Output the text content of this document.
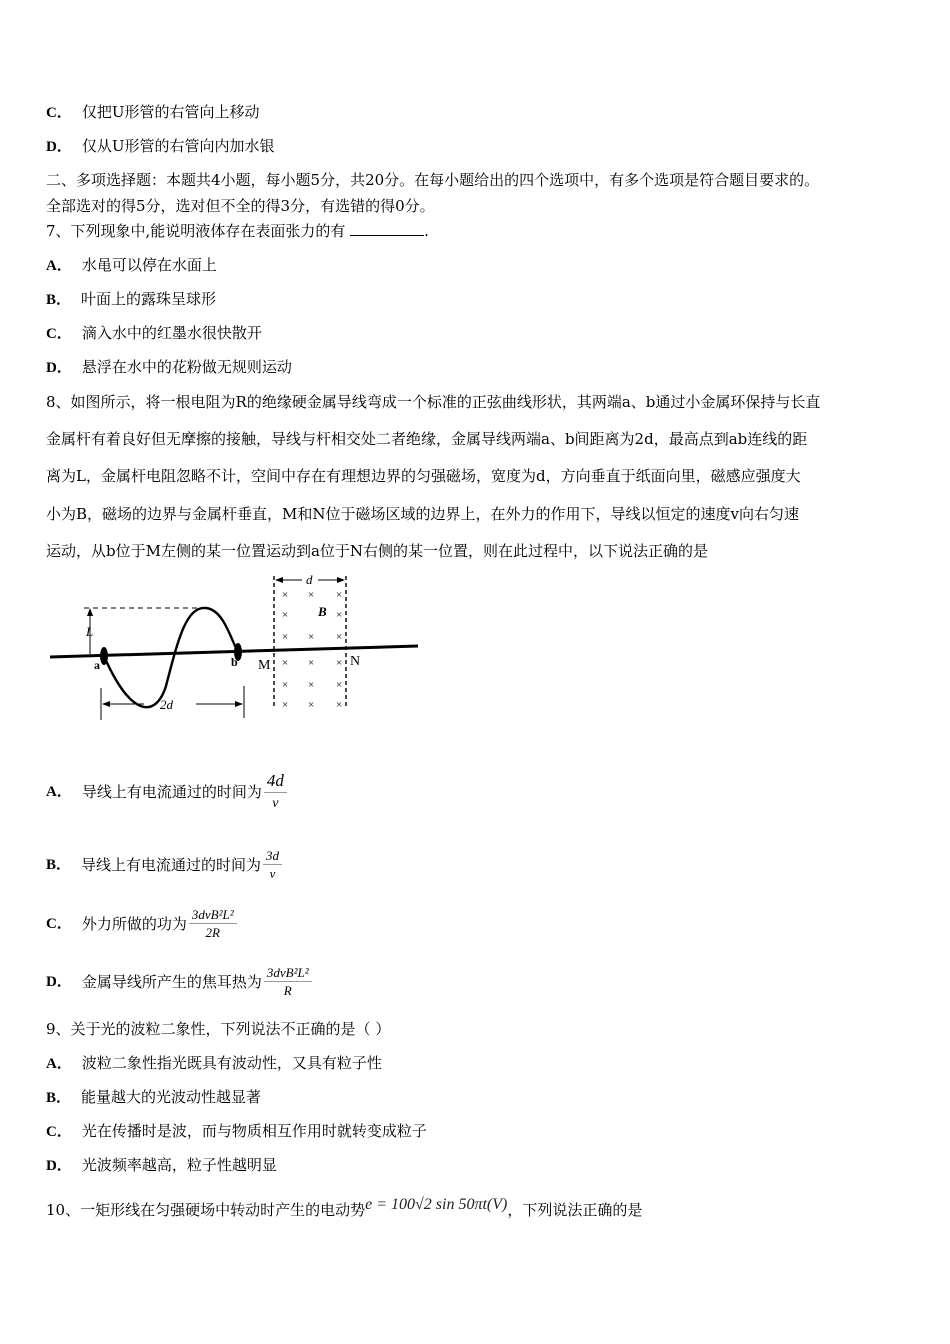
C． 仅把U形管的右管向上移动
D． 仅从U形管的右管向内加水银
二、多项选择题：本题共4小题，每小题5分，共20分。在每小题给出的四个选项中，有多个选项是符合题目要求的。
全部选对的得5分，选对但不全的得3分，有选错的得0分。
7、下列现象中,能说明液体存在表面张力的有	.
A． 水黾可以停在水面上
B． 叶面上的露珠呈球形
C． 滴入水中的红墨水很快散开
D． 悬浮在水中的花粉做无规则运动
8、如图所示，将一根电阻为R的绝缘硬金属导线弯成一个标准的正弦曲线形状，其两端a、b通过小金属环保持与长直
金属杆有着良好但无摩擦的接触，导线与杆相交处二者绝缘，金属导线两端a、b间距离为2d，最高点到ab连线的距
离为L，金属杆电阻忽略不计，空间中存在有理想边界的匀强磁场，宽度为d，方向垂直于纸面向里，磁感应强度大
小为B，磁场的边界与金属杆垂直，M和N位于磁场区域的边界上，在外力的作用下，导线以恒定的速度v向右匀速
运动，从b位于M左侧的某一位置运动到a位于N右侧的某一位置，则在此过程中，以下说法正确的是
L
2d
a	b
d
×
×
×
×
×
×
×
×
×
×
×
×
×
×
×
×
×
B
M	N
A． 导线上有电流通过的时间为 $\frac{4d}{v}$
B． 导线上有电流通过的时间为 $\frac{3d}{v}$
C． 外力所做的功为 $\frac{\text{3dvB²L²}}{2R}$
D． 金属导线所产生的焦耳热为 $\frac{\text{3dvB²L²}}{R}$
9、关于光的波粒二象性，下列说法不正确的是（ ）
A． 波粒二象性指光既具有波动性，又具有粒子性
B． 能量越大的光波动性越显著
C． 光在传播时是波，而与物质相互作用时就转变成粒子
D． 光波频率越高，粒子性越明显
10、一矩形线在匀强硬场中转动时产生的电动势e = 100√2 sin 50πt(V)，下列说法正确的是
